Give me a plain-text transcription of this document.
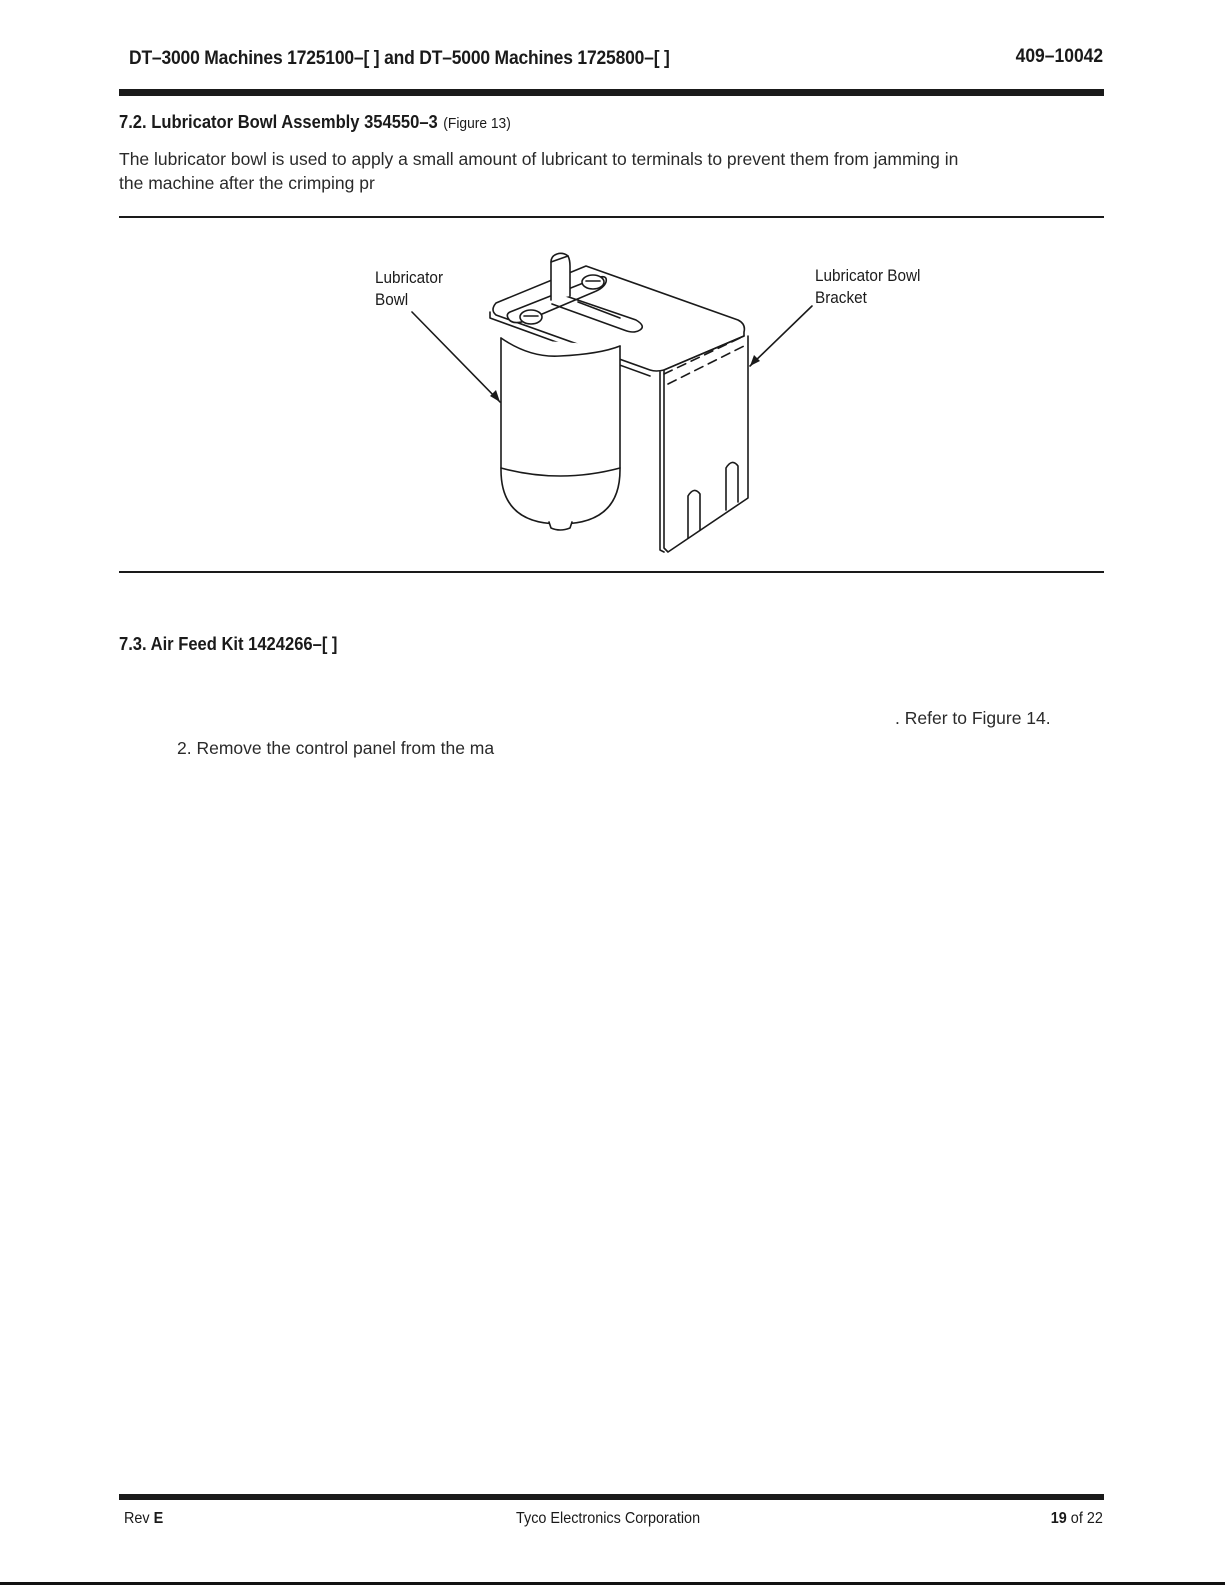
DT–3000 Machines 1725100–[ ] and DT–5000 Machines 1725800–[ ]	409–10042
7.2. Lubricator Bowl Assembly 354550–3 (Figure 13)
The lubricator bowl is used to apply a small amount of lubricant to terminals to prevent them from jamming in
the machine after the crimping pr
Lubricator
Bowl
Lubricator Bowl
Bracket
7.3. Air Feed Kit 1424266–[ ]
. Refer to Figure 14.
2. Remove the control panel from the ma
Rev E	Tyco Electronics Corporation	19 of 22
